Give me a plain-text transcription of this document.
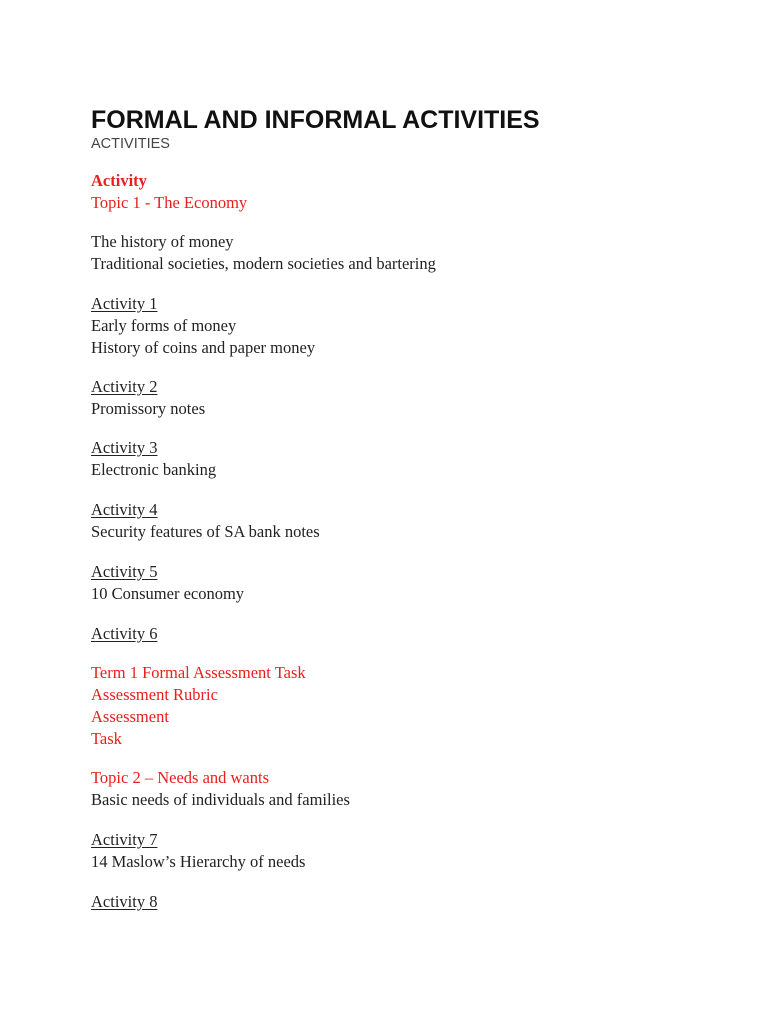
FORMAL AND INFORMAL ACTIVITIES
ACTIVITIES
Activity
Topic 1 - The Economy
The history of money
Traditional societies, modern societies and bartering
Activity 1
Early forms of money
History of coins and paper money
Activity 2
Promissory notes
Activity 3
Electronic banking
Activity 4
Security features of SA bank notes
Activity 5
10 Consumer economy
Activity 6
Term 1 Formal Assessment Task
Assessment Rubric
Assessment
Task
Topic 2 – Needs and wants
Basic needs of individuals and families
Activity 7
14 Maslow’s Hierarchy of needs
Activity 8
